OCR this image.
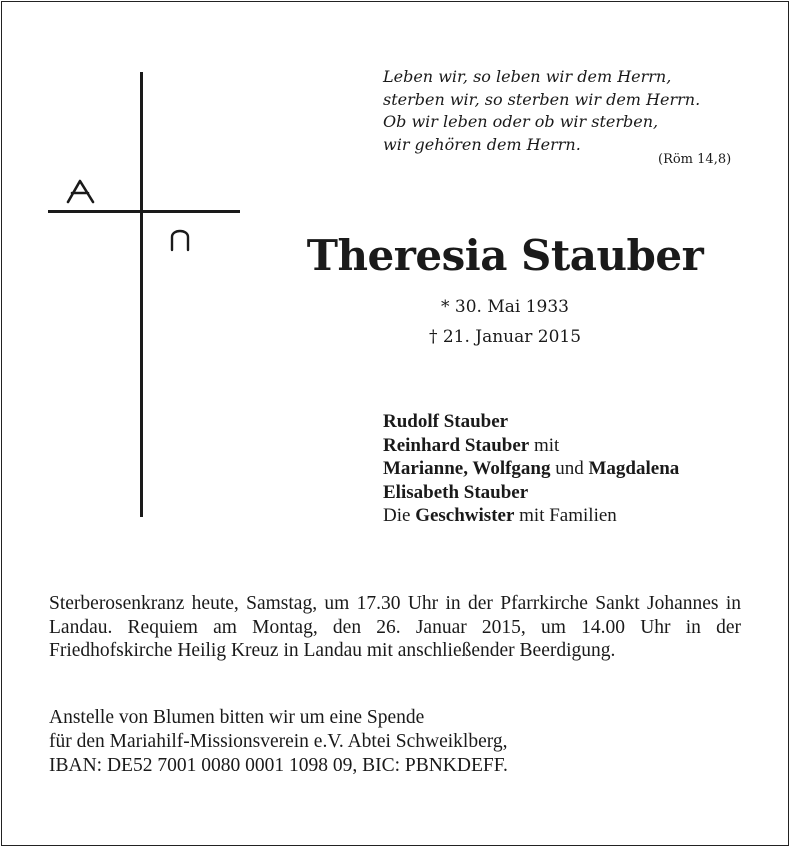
Leben wir, so leben wir dem Herrn,
sterben wir, so sterben wir dem Herrn.
Ob wir leben oder ob wir sterben,
wir gehören dem Herrn.
(Röm 14,8)
Theresia Stauber
* 30. Mai 1933
† 21. Januar 2015
Rudolf Stauber
Reinhard Stauber mit
Marianne, Wolfgang und Magdalena
Elisabeth Stauber
Die Geschwister mit Familien
Sterberosenkranz heute, Samstag, um 17.30 Uhr in der Pfarrkirche Sankt Johannes in Landau. Requiem am Montag, den 26. Januar 2015, um 14.00 Uhr in der Friedhofskirche Heilig Kreuz in Landau mit anschließender Beerdigung.
Anstelle von Blumen bitten wir um eine Spende
für den Mariahilf-Missionsverein e.V. Abtei Schweiklberg,
IBAN: DE52 7001 0080 0001 1098 09, BIC: PBNKDEFF.
